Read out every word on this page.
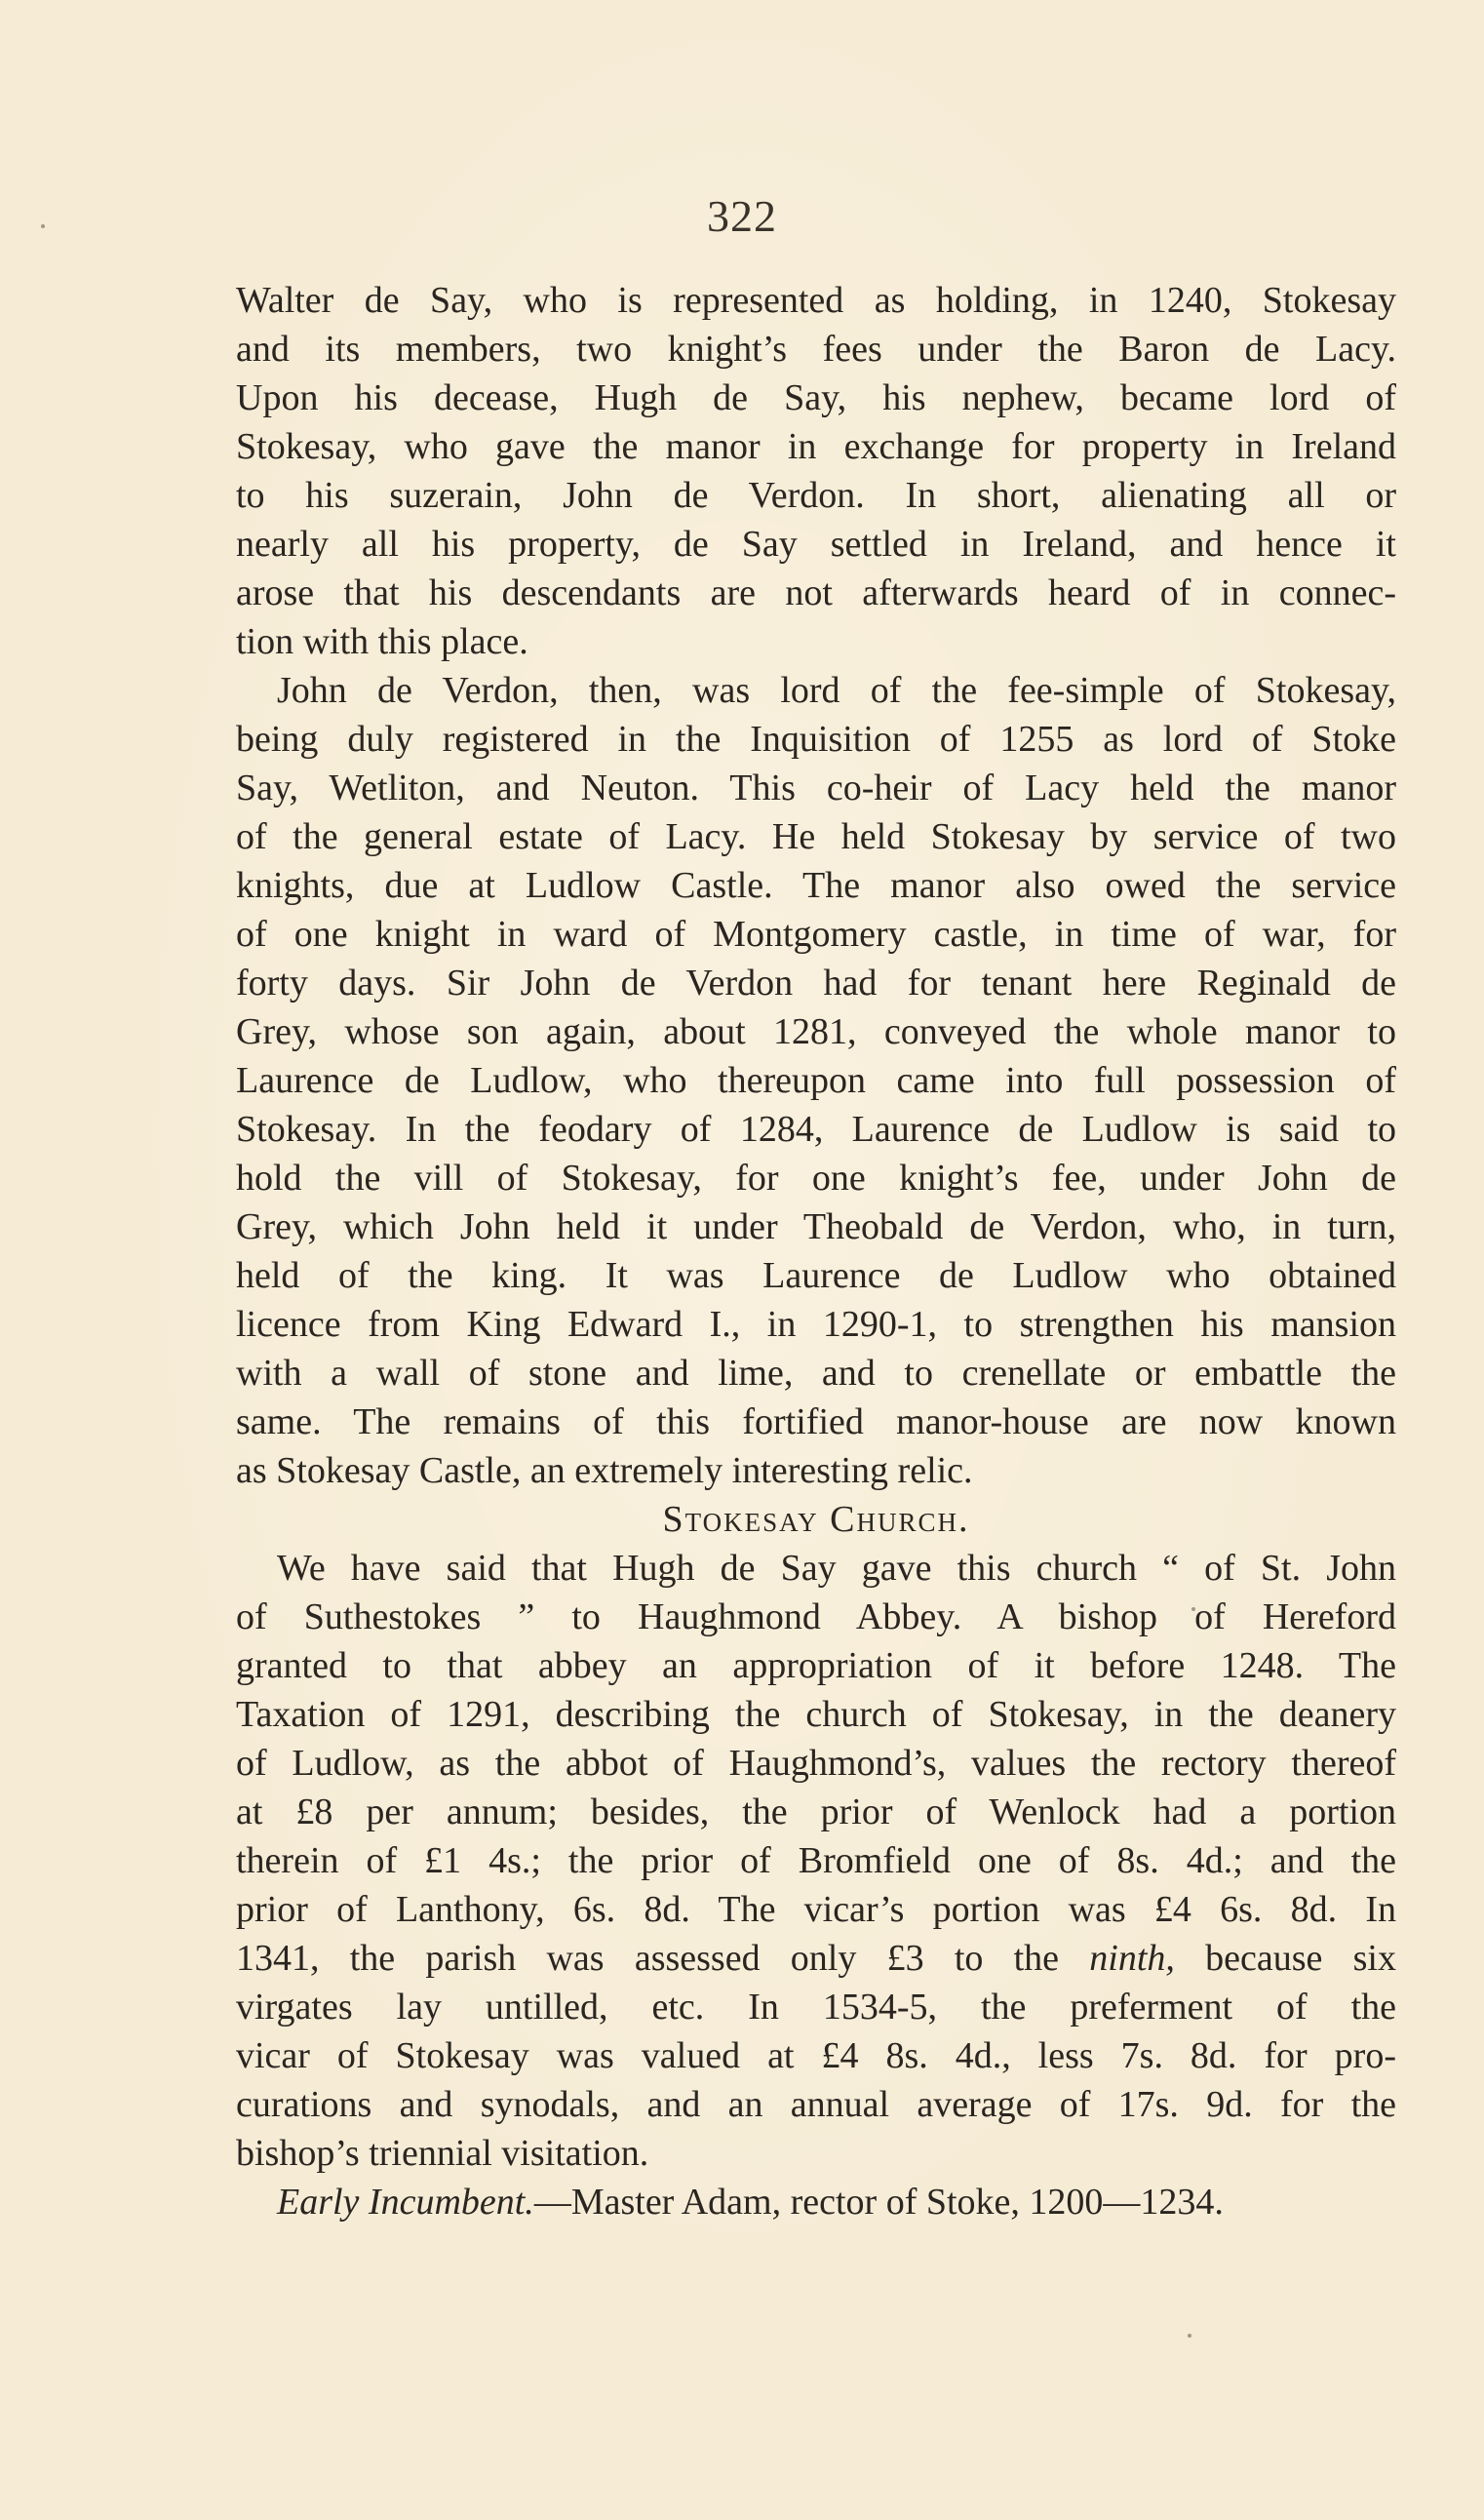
322
Walter de Say, who is represented as holding, in 1240, Stokesay
and its members, two knight’s fees under the Baron de Lacy.
Upon his decease, Hugh de Say, his nephew, became lord of
Stokesay, who gave the manor in exchange for property in Ireland
to his suzerain, John de Verdon. In short, alienating all or
nearly all his property, de Say settled in Ireland, and hence it
arose that his descendants are not afterwards heard of in connec-
tion with this place.
John de Verdon, then, was lord of the fee-simple of Stokesay,
being duly registered in the Inquisition of 1255 as lord of Stoke
Say, Wetliton, and Neuton. This co-heir of Lacy held the manor
of the general estate of Lacy. He held Stokesay by service of two
knights, due at Ludlow Castle. The manor also owed the service
of one knight in ward of Montgomery castle, in time of war, for
forty days. Sir John de Verdon had for tenant here Reginald de
Grey, whose son again, about 1281, conveyed the whole manor to
Laurence de Ludlow, who thereupon came into full possession of
Stokesay. In the feodary of 1284, Laurence de Ludlow is said to
hold the vill of Stokesay, for one knight’s fee, under John de
Grey, which John held it under Theobald de Verdon, who, in turn,
held of the king. It was Laurence de Ludlow who obtained
licence from King Edward I., in 1290-1, to strengthen his mansion
with a wall of stone and lime, and to crenellate or embattle the
same. The remains of this fortified manor-house are now known
as Stokesay Castle, an extremely interesting relic.
Stokesay Church.
We have said that Hugh de Say gave this church “ of St. John
of Suthestokes ” to Haughmond Abbey. A bishop of Hereford
granted to that abbey an appropriation of it before 1248. The
Taxation of 1291, describing the church of Stokesay, in the deanery
of Ludlow, as the abbot of Haughmond’s, values the rectory thereof
at £8 per annum; besides, the prior of Wenlock had a portion
therein of £1 4s.; the prior of Bromfield one of 8s. 4d.; and the
prior of Lanthony, 6s. 8d. The vicar’s portion was £4 6s. 8d. In
1341, the parish was assessed only £3 to the ninth, because six
virgates lay untilled, etc. In 1534-5, the preferment of the
vicar of Stokesay was valued at £4 8s. 4d., less 7s. 8d. for pro-
curations and synodals, and an annual average of 17s. 9d. for the
bishop’s triennial visitation.
Early Incumbent.—Master Adam, rector of Stoke, 1200—1234.
